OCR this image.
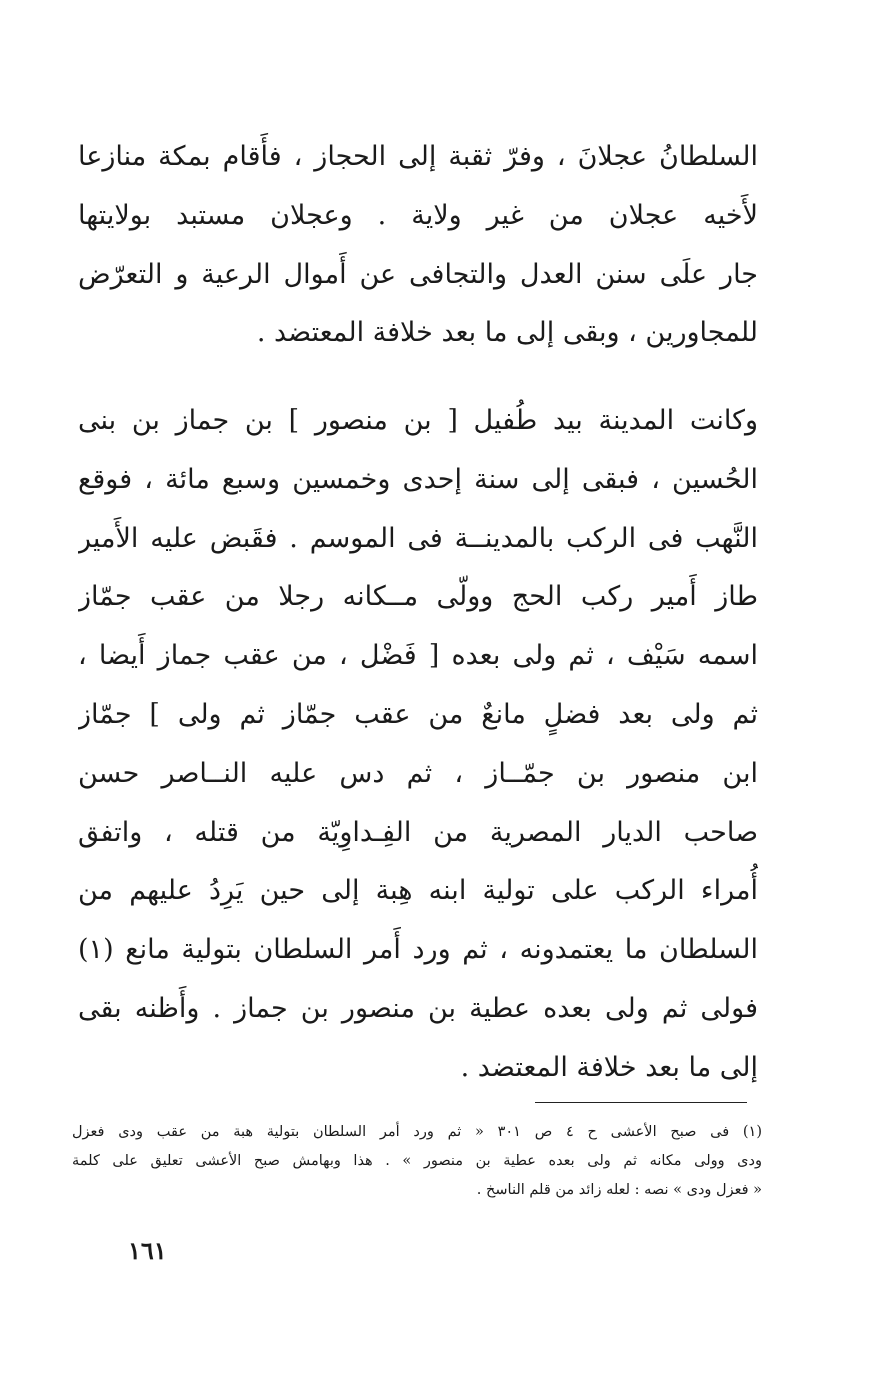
السلطانُ عجلانَ ، وفرّ ثقبة إلى الحجاز ، فأَقام بمكة منازعا
لأَخيه عجلان من غير ولاية . وعجلان مستبد بولايتها
جار علَى سنن العدل والتجافى عن أَموال الرعية و التعرّض
للمجاورين ، وبقى إلى ما بعد خلافة المعتضد .
وكانت المدينة بيد طُفيل [ بن منصور ] بن جماز بن بنى
الحُسين ، فبقى إلى سنة إحدى وخمسين وسبع مائة ، فوقع
النَّهب فى الركب بالمدينــة فى الموسم . فقَبض عليه الأَمير
طاز أَمير ركب الحج وولّى مــكانه رجلا من عقب جمّاز
اسمه سَيْف ، ثم ولى بعده [ فَضْل ، من عقب جماز أَيضا ،
ثم ولى بعد فضلٍ مانعٌ من عقب جمّاز ثم ولى ] جمّاز
ابن منصور بن جمّــاز ، ثم دس عليه النــاصر حسن
صاحب الديار المصرية من الفِـداوِيّة من قتله ، واتفق
أُمراء الركب على تولية ابنه هِبة إلى حين يَرِدُ عليهم من
السلطان ما يعتمدونه ، ثم ورد أَمر السلطان بتولية مانع (١)
فولى ثم ولى بعده عطية بن منصور بن جماز . وأَظنه بقى
إلى ما بعد خلافة المعتضد .
(١) فى صبح الأعشى ح ٤ ص ٣٠١ « ثم ورد أمر السلطان بتولية هبة من عقب ودى فعزل
ودى وولى مكانه ثم ولى بعده عطية بن منصور » . هذا وبهامش صبح الأعشى تعليق على كلمة
« فعزل ودى » نصه : لعله زائد من قلم الناسخ .
١٦١
